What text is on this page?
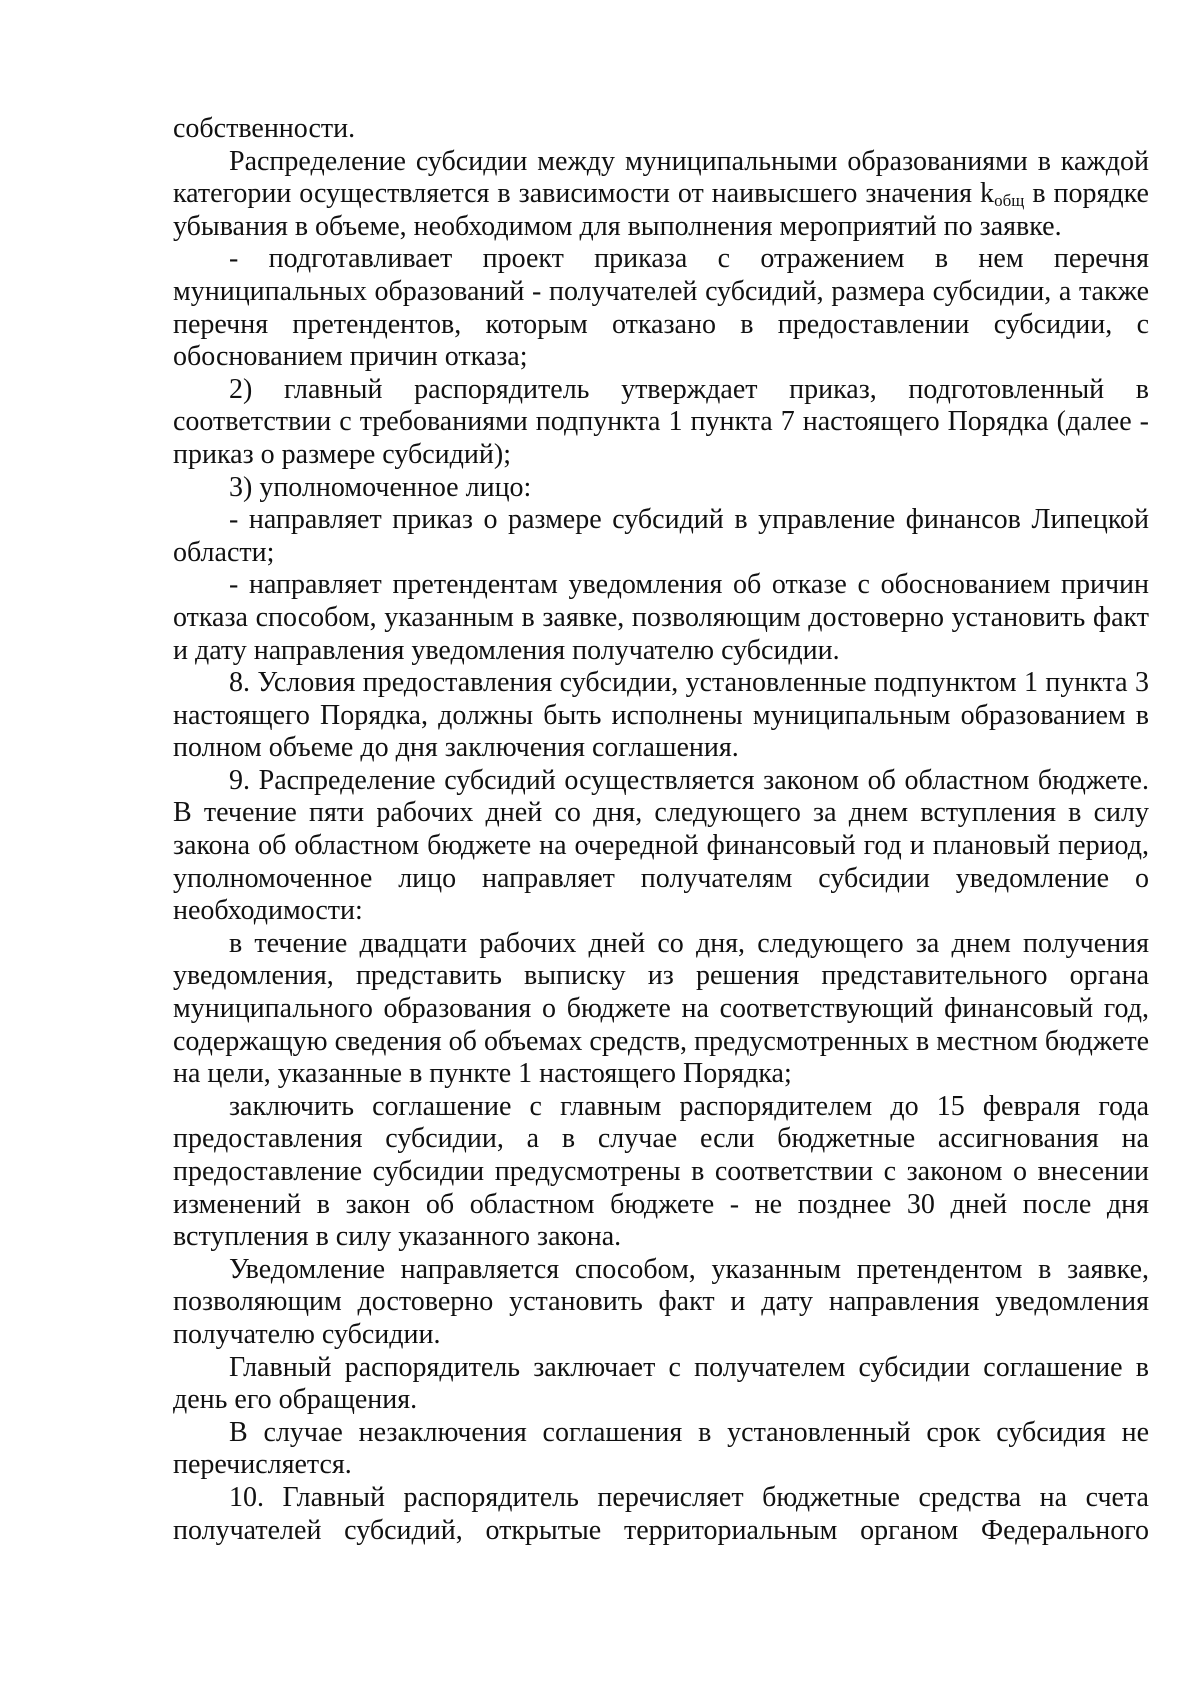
собственности.

Распределение субсидии между муниципальными образованиями в каждой категории осуществляется в зависимости от наивысшего значения $k_{общ}$ в порядке убывания в объеме, необходимом для выполнения мероприятий по заявке.

- подготавливает проект приказа с отражением в нем перечня муниципальных образований - получателей субсидий, размера субсидии, а также перечня претендентов, которым отказано в предоставлении субсидии, с обоснованием причин отказа;

2) главный распорядитель утверждает приказ, подготовленный в соответствии с требованиями подпункта 1 пункта 7 настоящего Порядка (далее - приказ о размере субсидий);

3) уполномоченное лицо:

- направляет приказ о размере субсидий в управление финансов Липецкой области;

- направляет претендентам уведомления об отказе с обоснованием причин отказа способом, указанным в заявке, позволяющим достоверно установить факт и дату направления уведомления получателю субсидии.

8. Условия предоставления субсидии, установленные подпунктом 1 пункта 3 настоящего Порядка, должны быть исполнены муниципальным образованием в полном объеме до дня заключения соглашения.

9. Распределение субсидий осуществляется законом об областном бюджете. В течение пяти рабочих дней со дня, следующего за днем вступления в силу закона об областном бюджете на очередной финансовый год и плановый период, уполномоченное лицо направляет получателям субсидии уведомление о необходимости:

в течение двадцати рабочих дней со дня, следующего за днем получения уведомления, представить выписку из решения представительного органа муниципального образования о бюджете на соответствующий финансовый год, содержащую сведения об объемах средств, предусмотренных в местном бюджете на цели, указанные в пункте 1 настоящего Порядка;

заключить соглашение с главным распорядителем до 15 февраля года предоставления субсидии, а в случае если бюджетные ассигнования на предоставление субсидии предусмотрены в соответствии с законом о внесении изменений в закон об областном бюджете - не позднее 30 дней после дня вступления в силу указанного закона.

Уведомление направляется способом, указанным претендентом в заявке, позволяющим достоверно установить факт и дату направления уведомления получателю субсидии.

Главный распорядитель заключает с получателем субсидии соглашение в день его обращения.

В случае незаключения соглашения в установленный срок субсидия не перечисляется.

10. Главный распорядитель перечисляет бюджетные средства на счета получателей субсидий, открытые территориальным органом Федерального
